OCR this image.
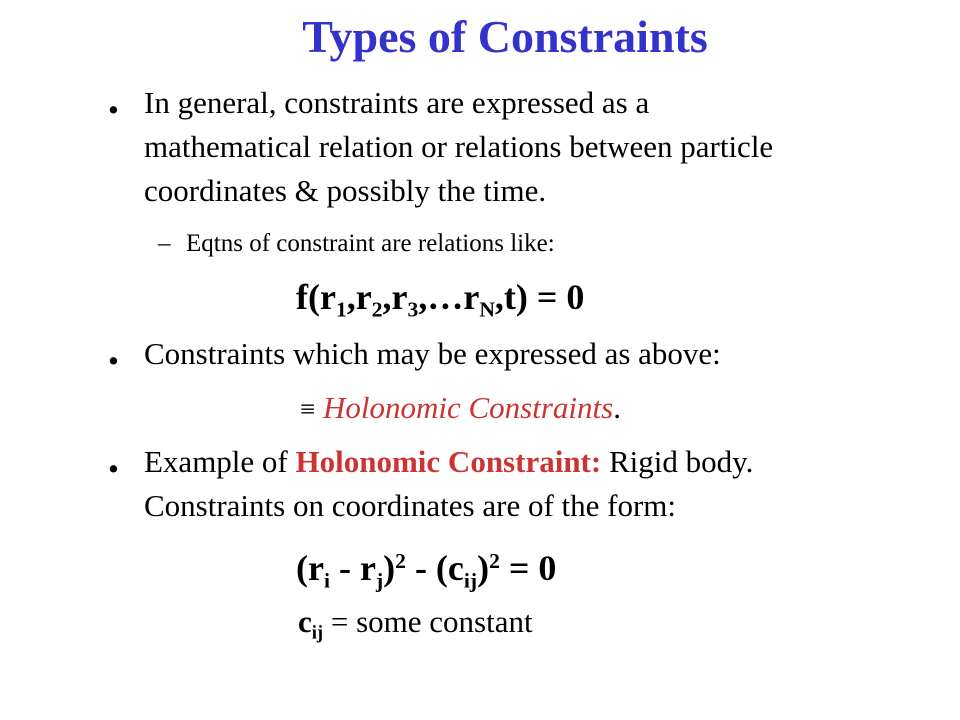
Types of Constraints
• In general, constraints are expressed as a
mathematical relation or relations between particle
coordinates & possibly the time.
– Eqtns of constraint are relations like:
$f(r_1,r_2,r_3,\dots r_N,t) = 0$
• Constraints which may be expressed as above:
≡ Holonomic Constraints.
• Example of Holonomic Constraint: Rigid body.
Constraints on coordinates are of the form:
$(r_i - r_j)^2 - (c_{ij})^2 = 0$
$c_{ij}$ = some constant
